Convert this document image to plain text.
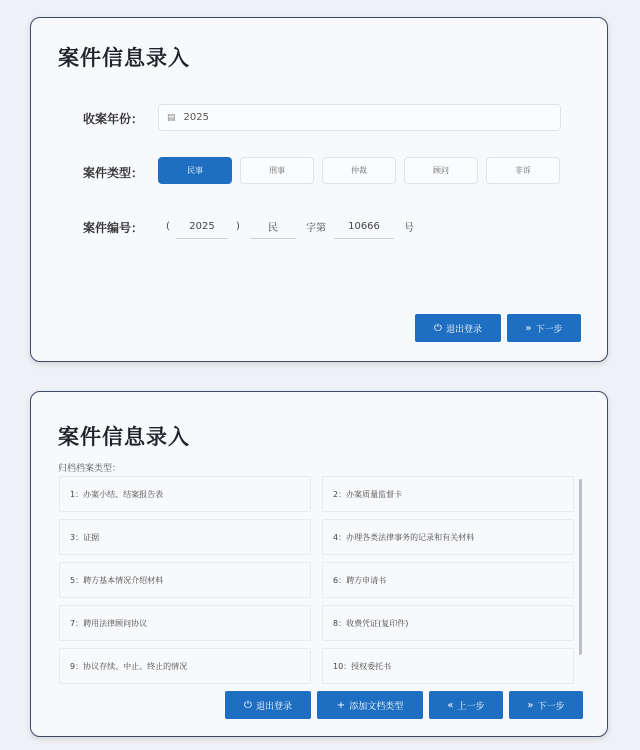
案件信息录入
收案年份：	▤ 2025
案件类型：	民事	刑事	仲裁	顾问	非诉
案件编号： (	2025	)	民	字第	10666	号
⏻ 退出登录	» 下一步
案件信息录入
归档档案类型：
1：办案小结、结案报告表	2：办案质量监督卡
3：证据	4：办理各类法律事务的记录和有关材料
5：聘方基本情况介绍材料	6：聘方申请书
7：聘用法律顾问协议	8：收费凭证(复印件)
9：协议存续、中止、终止的情况	10：授权委托书
⏻ 退出登录	+ 添加文档类型	« 上一步	» 下一步
